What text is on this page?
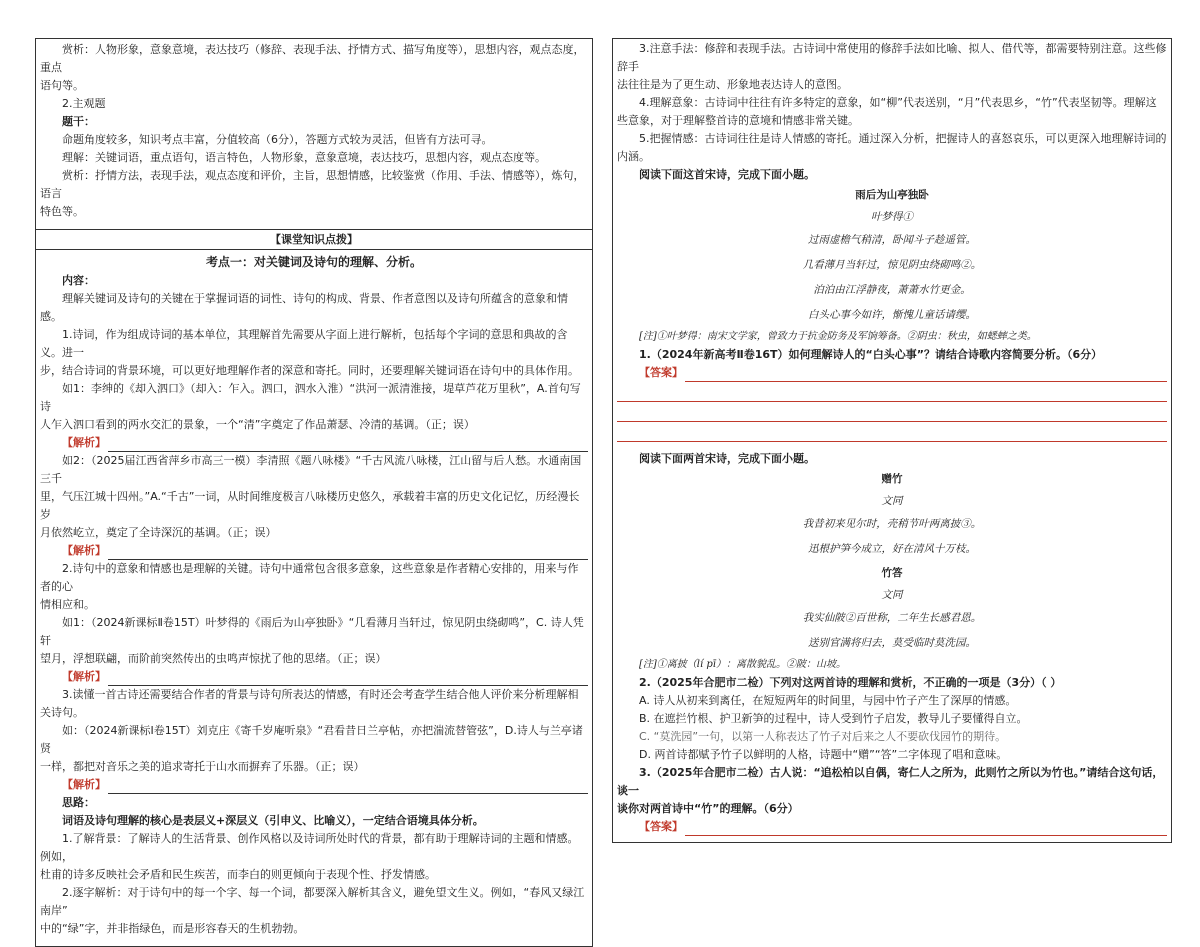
赏析：人物形象，意象意境，表达技巧（修辞、表现手法、抒情方式、描写角度等），思想内容，观点态度，重点

语句等。

2.主观题

题干：

命题角度较多，知识考点丰富，分值较高（6分），答题方式较为灵活，但皆有方法可寻。

理解：关键词语，重点语句，语言特色，人物形象，意象意境，表达技巧，思想内容，观点态度等。

赏析：抒情方法，表现手法，观点态度和评价，主旨，思想情感，比较鉴赏（作用、手法、情感等），炼句，语言

特色等。

【课堂知识点拨】

考点一：对关键词及诗句的理解、分析。

内容：

理解关键词及诗句的关键在于掌握词语的词性、诗句的构成、背景、作者意图以及诗句所蕴含的意象和情感。

1.诗词，作为组成诗词的基本单位，其理解首先需要从字面上进行解析，包括每个字词的意思和典故的含义。进一

步，结合诗词的背景环境，可以更好地理解作者的深意和寄托。同时，还要理解关键词语在诗句中的具体作用。

如1：李绅的《却入泗口》（却入：乍入。泗口，泗水入淮）“洪河一派清淮接，堤草芦花万里秋”，A.首句写诗

人乍入泗口看到的两水交汇的景象，一个“清”字奠定了作品萧瑟、冷清的基调。（正；误）

【解析】

如2：（2025届江西省萍乡市高三一模）李清照《题八咏楼》“千古风流八咏楼，江山留与后人愁。水通南国三千

里，气压江城十四州。”A.“千古”一词，从时间维度极言八咏楼历史悠久，承载着丰富的历史文化记忆，历经漫长岁

月依然屹立，奠定了全诗深沉的基调。（正；误）

【解析】

2.诗句中的意象和情感也是理解的关键。诗句中通常包含很多意象，这些意象是作者精心安排的，用来与作者的心

情相应和。

如1：（2024新课标Ⅱ卷15T）叶梦得的《雨后为山亭独卧》“几看薄月当轩过，惊见阴虫绕砌鸣”，C. 诗人凭轩

望月，浮想联翩，而阶前突然传出的虫鸣声惊扰了他的思绪。（正；误）

【解析】

3.读懂一首古诗还需要结合作者的背景与诗句所表达的情感，有时还会考查学生结合他人评价来分析理解相关诗句。

如：（2024新课标Ⅰ卷15T）刘克庄《寄千岁庵听泉》“君看昔日兰亭帖，亦把湍流替管弦”，D.诗人与兰亭诸贤

一样，都把对音乐之美的追求寄托于山水而摒弃了乐器。（正；误）

【解析】

思路：

词语及诗句理解的核心是表层义+深层义（引申义、比喻义），一定结合语境具体分析。

1.了解背景：了解诗人的生活背景、创作风格以及诗词所处时代的背景，都有助于理解诗词的主题和情感。例如，

杜甫的诗多反映社会矛盾和民生疾苦，而李白的则更倾向于表现个性、抒发情感。

2.逐字解析：对于诗句中的每一个字、每一个词，都要深入解析其含义，避免望文生义。例如，“春风又绿江南岸”

中的“绿”字，并非指绿色，而是形容春天的生机勃勃。

3.注意手法：修辞和表现手法。古诗词中常使用的修辞手法如比喻、拟人、借代等，都需要特别注意。这些修辞手

法往往是为了更生动、形象地表达诗人的意图。

4.理解意象：古诗词中往往有许多特定的意象，如“柳”代表送别，“月”代表思乡，“竹”代表坚韧等。理解这

些意象，对于理解整首诗的意境和情感非常关键。

5.把握情感：古诗词往往是诗人情感的寄托。通过深入分析，把握诗人的喜怒哀乐，可以更深入地理解诗词的内涵。

阅读下面这首宋诗，完成下面小题。

雨后为山亭独卧

叶梦得①

过雨虚檐气稍清，卧闻斗子趁遥管。

几看薄月当轩过，惊见阴虫绕砌鸣②。

泊泊由江浮静夜，萧萧水竹更金。

白头心事今如许，惭愧儿童话请缨。

[注]①叶梦得：南宋文学家，曾致力于抗金防务及军饷筹备。②阴虫：秋虫，如蟋蟀之类。

1.（2024年新高考Ⅱ卷16T）如何理解诗人的“白头心事”？请结合诗歌内容简要分析。（6分）

【答案】

阅读下面两首宋诗，完成下面小题。

赠竹

文同

我昔初来见尔时，壳稍节叶两离披③。

迅根护笋今成立，好在清风十万枝。

竹答

文同

我实仙陂②百世称，二年生长感君恩。

送别官满将归去，莫受临时莫洗园。

[注]①离披（lí pī）：离散貌乱。②陂：山坡。

2.（2025年合肥市二检）下列对这两首诗的理解和赏析，不正确的一项是（3分）（ ）

A. 诗人从初来到离任，在短短两年的时间里，与园中竹子产生了深厚的情感。

B. 在遮拦竹根、护卫新笋的过程中，诗人受到竹子启发，教导儿子要懂得自立。

C. “莫洗园”一句，以第一人称表达了竹子对后来之人不要砍伐园竹的期待。

D. 两首诗都赋予竹子以鲜明的人格，诗题中“赠”“答”二字体现了唱和意味。

3.（2025年合肥市二检）古人说：“追松柏以自偶，寄仁人之所为，此则竹之所以为竹也。”请结合这句话，谈一

谈你对两首诗中“竹”的理解。（6分）

【答案】
